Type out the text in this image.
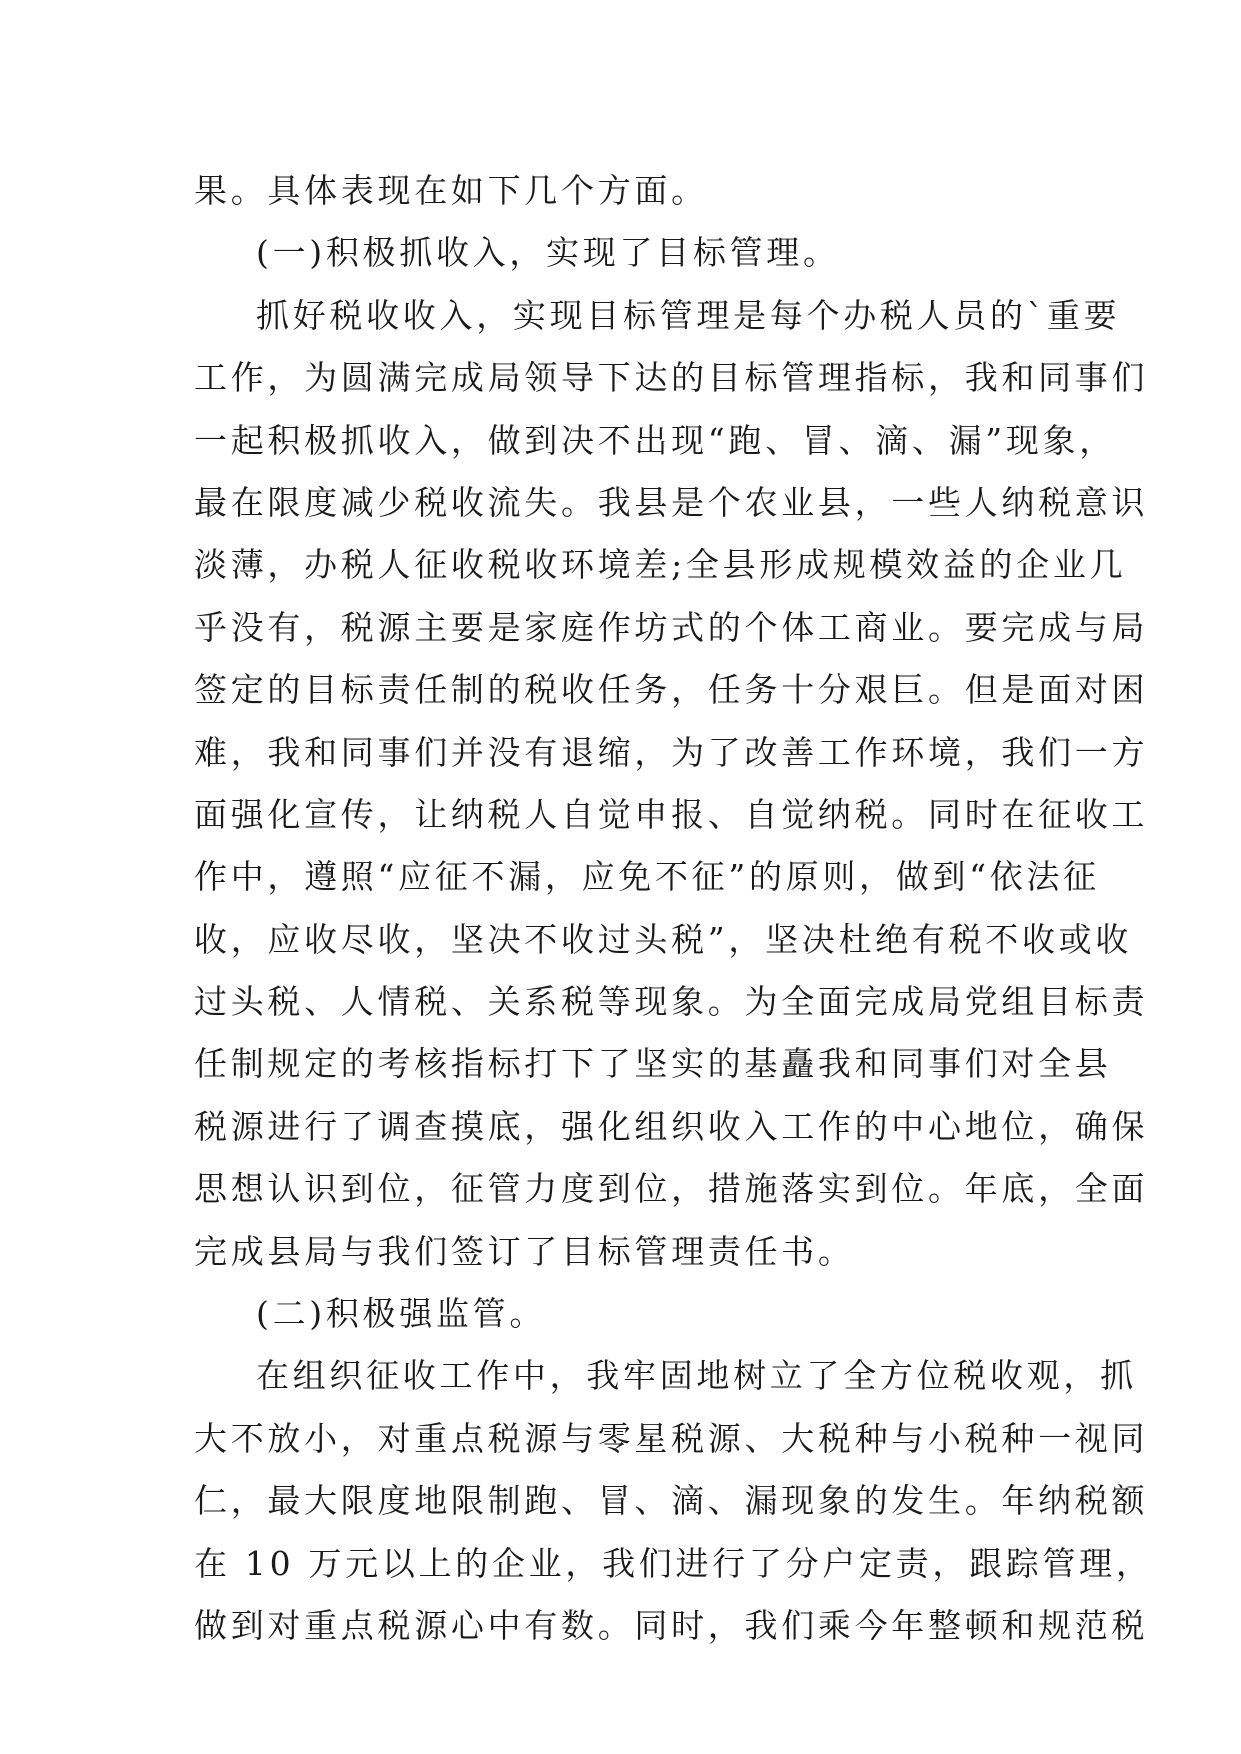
果。具体表现在如下几个方面。
(一)积极抓收入，实现了目标管理。
抓好税收收入，实现目标管理是每个办税人员的`重要
工作，为圆满完成局领导下达的目标管理指标，我和同事们
一起积极抓收入，做到决不出现“跑、冒、滴、漏”现象，
最在限度减少税收流失。我县是个农业县，一些人纳税意识
淡薄，办税人征收税收环境差;全县形成规模效益的企业几
乎没有，税源主要是家庭作坊式的个体工商业。要完成与局
签定的目标责任制的税收任务，任务十分艰巨。但是面对困
难，我和同事们并没有退缩，为了改善工作环境，我们一方
面强化宣传，让纳税人自觉申报、自觉纳税。同时在征收工
作中，遵照“应征不漏，应免不征”的原则，做到“依法征
收，应收尽收，坚决不收过头税”，坚决杜绝有税不收或收
过头税、人情税、关系税等现象。为全面完成局党组目标责
任制规定的考核指标打下了坚实的基矗我和同事们对全县
税源进行了调查摸底，强化组织收入工作的中心地位，确保
思想认识到位，征管力度到位，措施落实到位。年底，全面
完成县局与我们签订了目标管理责任书。
(二)积极强监管。
在组织征收工作中，我牢固地树立了全方位税收观，抓
大不放小，对重点税源与零星税源、大税种与小税种一视同
仁，最大限度地限制跑、冒、滴、漏现象的发生。年纳税额
在 10 万元以上的企业，我们进行了分户定责，跟踪管理，
做到对重点税源心中有数。同时，我们乘今年整顿和规范税
